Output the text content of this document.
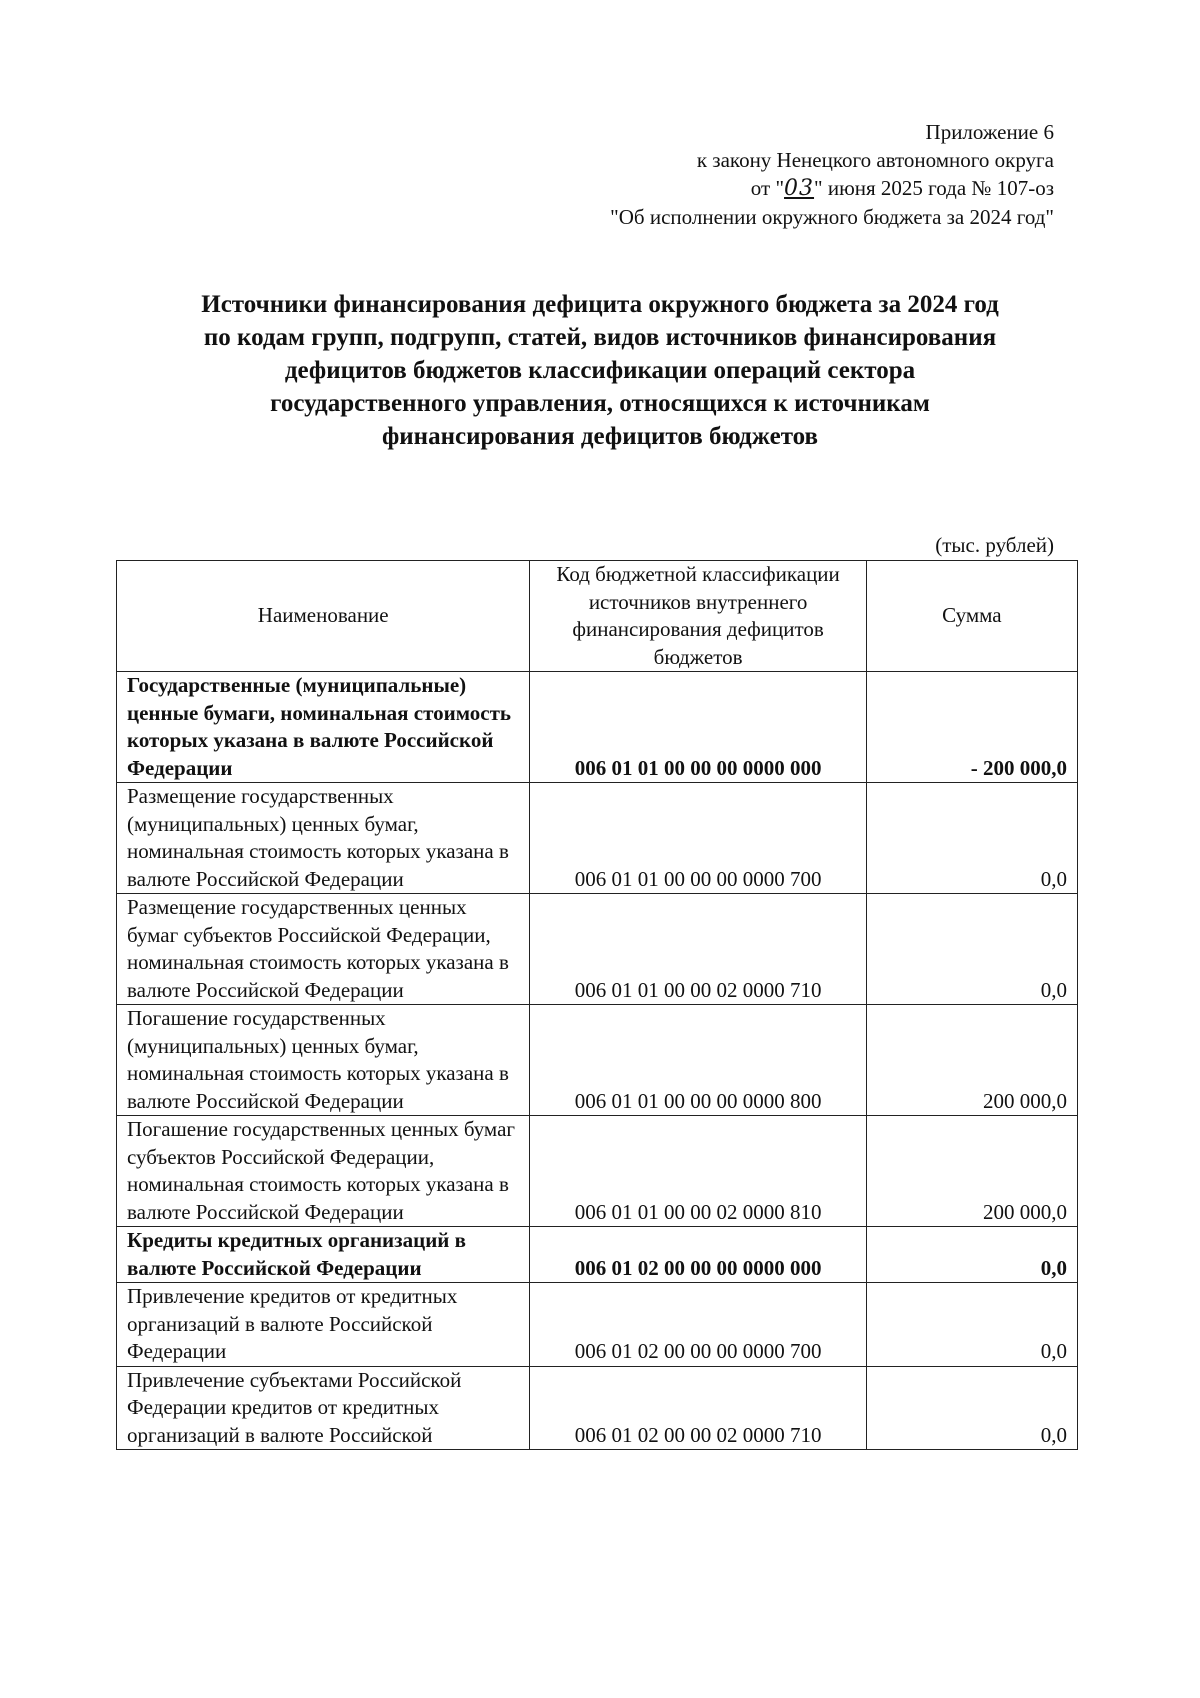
Приложение 6
к закону Ненецкого автономного округа
от "03" июня 2025 года № 107-оз
"Об исполнении окружного бюджета за 2024 год"
Источники финансирования дефицита окружного бюджета за 2024 год
по кодам групп, подгрупп, статей, видов источников финансирования
дефицитов бюджетов классификации операций сектора
государственного управления, относящихся к источникам
финансирования дефицитов бюджетов
(тыс. рублей)
Наименование	Код бюджетной классификации источников внутреннего финансирования дефицитов бюджетов	Сумма
Государственные (муниципальные) ценные бумаги, номинальная стоимость которых указана в валюте Российской Федерации	006 01 01 00 00 00 0000 000	- 200 000,0
Размещение государственных (муниципальных) ценных бумаг, номинальная стоимость которых указана в валюте Российской Федерации	006 01 01 00 00 00 0000 700	0,0
Размещение государственных ценных бумаг субъектов Российской Федерации, номинальная стоимость которых указана в валюте Российской Федерации	006 01 01 00 00 02 0000 710	0,0
Погашение государственных (муниципальных) ценных бумаг, номинальная стоимость которых указана в валюте Российской Федерации	006 01 01 00 00 00 0000 800	200 000,0
Погашение государственных ценных бумаг субъектов Российской Федерации, номинальная стоимость которых указана в валюте Российской Федерации	006 01 01 00 00 02 0000 810	200 000,0
Кредиты кредитных организаций в валюте Российской Федерации	006 01 02 00 00 00 0000 000	0,0
Привлечение кредитов от кредитных организаций в валюте Российской Федерации	006 01 02 00 00 00 0000 700	0,0
Привлечение субъектами Российской Федерации кредитов от кредитных организаций в валюте Российской	006 01 02 00 00 02 0000 710	0,0
